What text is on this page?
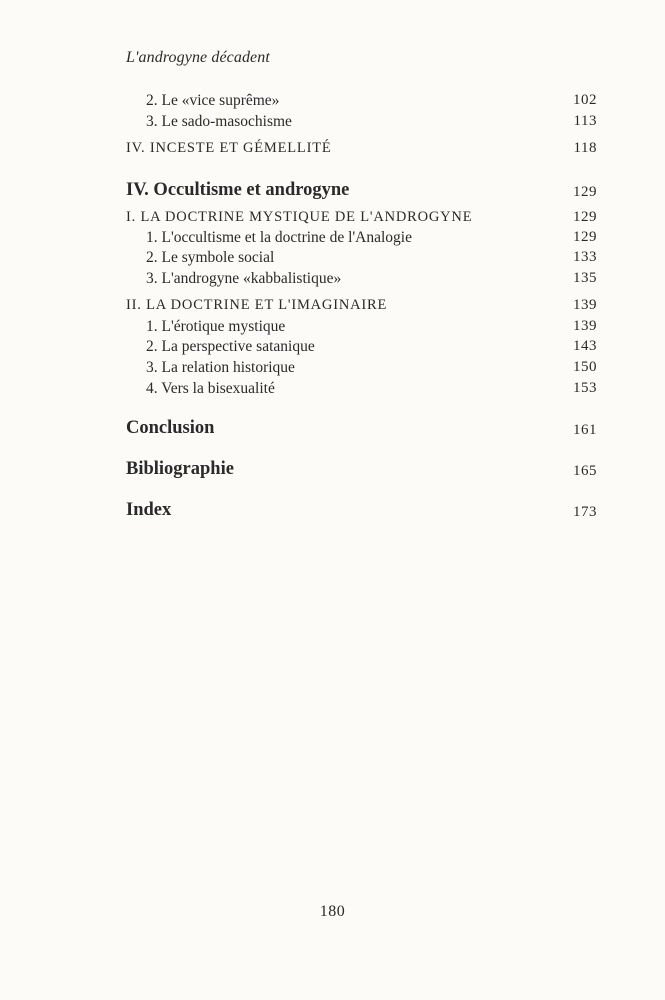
L'androgyne décadent
2. Le «vice suprême»	102
3. Le sado-masochisme	113
IV. INCESTE ET GÉMELLITÉ	118
IV. Occultisme et androgyne	129
I. LA DOCTRINE MYSTIQUE DE L'ANDROGYNE	129
1. L'occultisme et la doctrine de l'Analogie	129
2. Le symbole social	133
3. L'androgyne «kabbalistique»	135
II. LA DOCTRINE ET L'IMAGINAIRE	139
1. L'érotique mystique	139
2. La perspective satanique	143
3. La relation historique	150
4. Vers la bisexualité	153
Conclusion	161
Bibliographie	165
Index	173
180
